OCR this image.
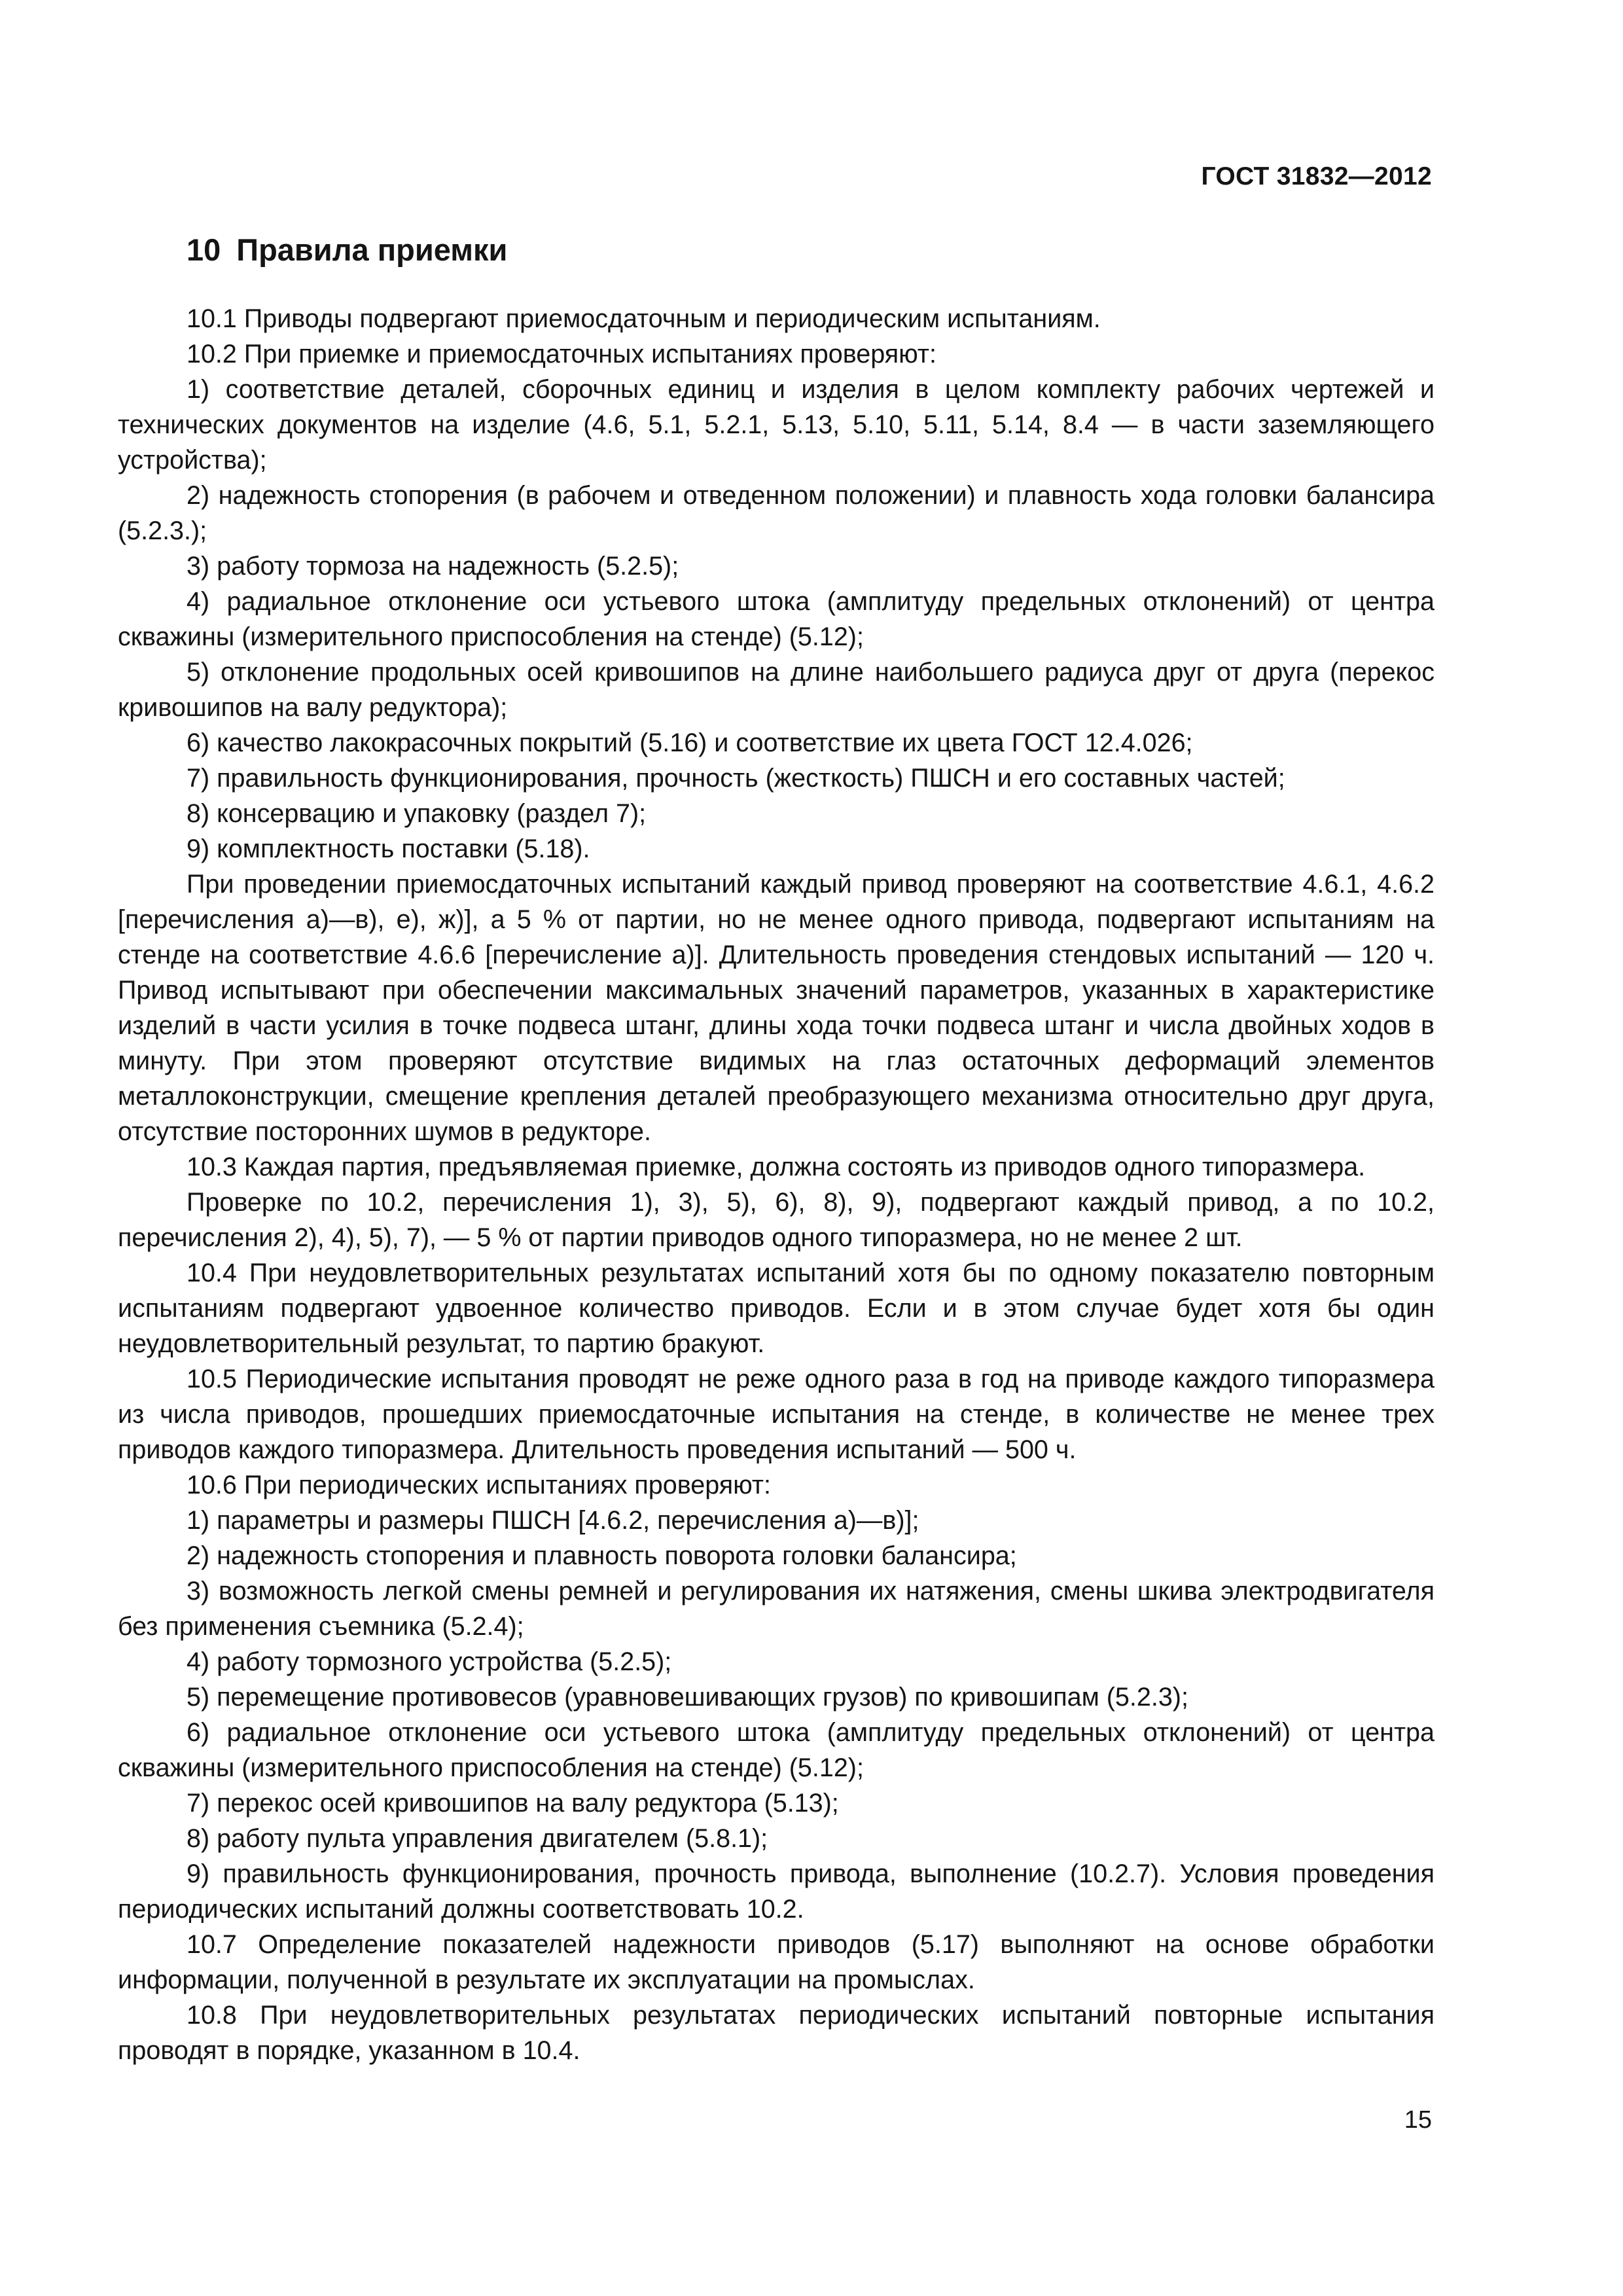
ГОСТ 31832—2012
10 Правила приемки

10.1 Приводы подвергают приемосдаточным и периодическим испытаниям.

10.2 При приемке и приемосдаточных испытаниях проверяют:

1) соответствие деталей, сборочных единиц и изделия в целом комплекту рабочих чертежей и технических документов на изделие (4.6, 5.1, 5.2.1, 5.13, 5.10, 5.11, 5.14, 8.4 — в части заземляющего устройства);

2) надежность стопорения (в рабочем и отведенном положении) и плавность хода головки балансира (5.2.3.);

3) работу тормоза на надежность (5.2.5);

4) радиальное отклонение оси устьевого штока (амплитуду предельных отклонений) от центра скважины (измерительного приспособления на стенде) (5.12);

5) отклонение продольных осей кривошипов на длине наибольшего радиуса друг от друга (перекос кривошипов на валу редуктора);

6) качество лакокрасочных покрытий (5.16) и соответствие их цвета ГОСТ 12.4.026;

7) правильность функционирования, прочность (жесткость) ПШСН и его составных частей;

8) консервацию и упаковку (раздел 7);

9) комплектность поставки (5.18).

При проведении приемосдаточных испытаний каждый привод проверяют на соответствие 4.6.1, 4.6.2 [перечисления а)—в), е), ж)], а 5 % от партии, но не менее одного привода, подвергают испытаниям на стенде на соответствие 4.6.6 [перечисление а)]. Длительность проведения стендовых испытаний — 120 ч. Привод испытывают при обеспечении максимальных значений параметров, указанных в характеристике изделий в части усилия в точке подвеса штанг, длины хода точки подвеса штанг и числа двойных ходов в минуту. При этом проверяют отсутствие видимых на глаз остаточных деформаций элементов металлоконструкции, смещение крепления деталей преобразующего механизма относительно друг друга, отсутствие посторонних шумов в редукторе.

10.3 Каждая партия, предъявляемая приемке, должна состоять из приводов одного типоразмера.

Проверке по 10.2, перечисления 1), 3), 5), 6), 8), 9), подвергают каждый привод, а по 10.2, перечисления 2), 4), 5), 7), — 5 % от партии приводов одного типоразмера, но не менее 2 шт.

10.4 При неудовлетворительных результатах испытаний хотя бы по одному показателю повторным испытаниям подвергают удвоенное количество приводов. Если и в этом случае будет хотя бы один неудовлетворительный результат, то партию бракуют.

10.5 Периодические испытания проводят не реже одного раза в год на приводе каждого типоразмера из числа приводов, прошедших приемосдаточные испытания на стенде, в количестве не менее трех приводов каждого типоразмера. Длительность проведения испытаний — 500 ч.

10.6 При периодических испытаниях проверяют:

1) параметры и размеры ПШСН [4.6.2, перечисления а)—в)];

2) надежность стопорения и плавность поворота головки балансира;

3) возможность легкой смены ремней и регулирования их натяжения, смены шкива электродвигателя без применения съемника (5.2.4);

4) работу тормозного устройства (5.2.5);

5) перемещение противовесов (уравновешивающих грузов) по кривошипам (5.2.3);

6) радиальное отклонение оси устьевого штока (амплитуду предельных отклонений) от центра скважины (измерительного приспособления на стенде) (5.12);

7) перекос осей кривошипов на валу редуктора (5.13);

8) работу пульта управления двигателем (5.8.1);

9) правильность функционирования, прочность привода, выполнение (10.2.7). Условия проведения периодических испытаний должны соответствовать 10.2.

10.7 Определение показателей надежности приводов (5.17) выполняют на основе обработки информации, полученной в результате их эксплуатации на промыслах.

10.8 При неудовлетворительных результатах периодических испытаний повторные испытания проводят в порядке, указанном в 10.4.

15
